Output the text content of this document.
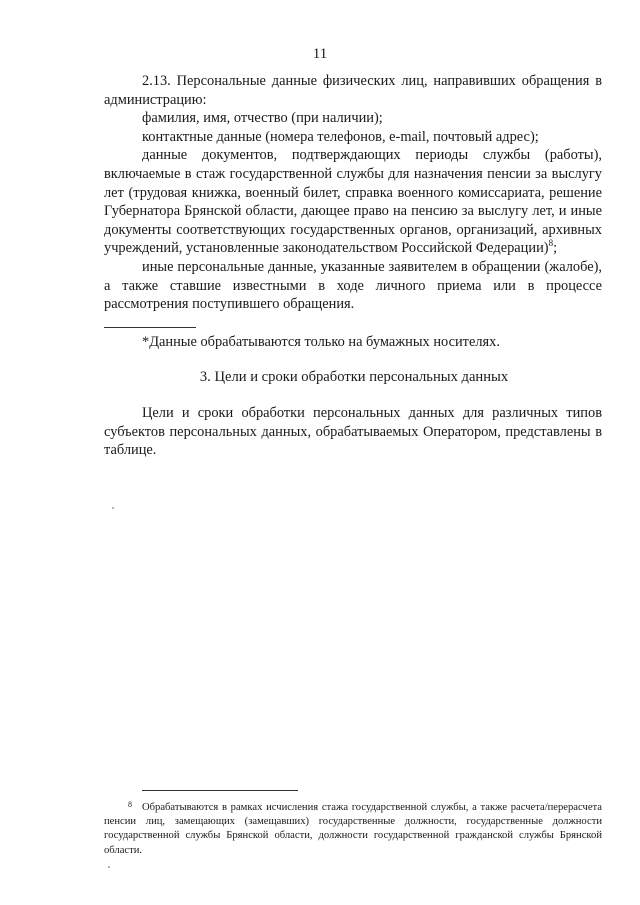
11

2.13. Персональные данные физических лиц, направивших обращения в администрацию:

фамилия, имя, отчество (при наличии);

контактные данные (номера телефонов, e-mail, почтовый адрес);

данные документов, подтверждающих периоды службы (работы), включаемые в стаж государственной службы для назначения пенсии за выслугу лет (трудовая книжка, военный билет, справка военного комиссариата, решение Губернатора Брянской области, дающее право на пенсию за выслугу лет, и иные документы соответствующих государственных органов, организаций, архивных учреждений, установленные законодательством Российской Федерации)$^8$;

иные персональные данные, указанные заявителем в обращении (жалобе), а также ставшие известными в ходе личного приема или в процессе рассмотрения поступившего обращения.

*Данные обрабатываются только на бумажных носителях.
3. Цели и сроки обработки персональных данных

Цели и сроки обработки персональных данных для различных типов субъектов персональных данных, обрабатываемых Оператором, представлены в таблице.

8 Обрабатываются в рамках исчисления стажа государственной службы, а также расчета/перерасчета пенсии лиц, замещающих (замещавших) государственные должности, государственные должности государственной службы Брянской области, должности государственной гражданской службы Брянской области.
